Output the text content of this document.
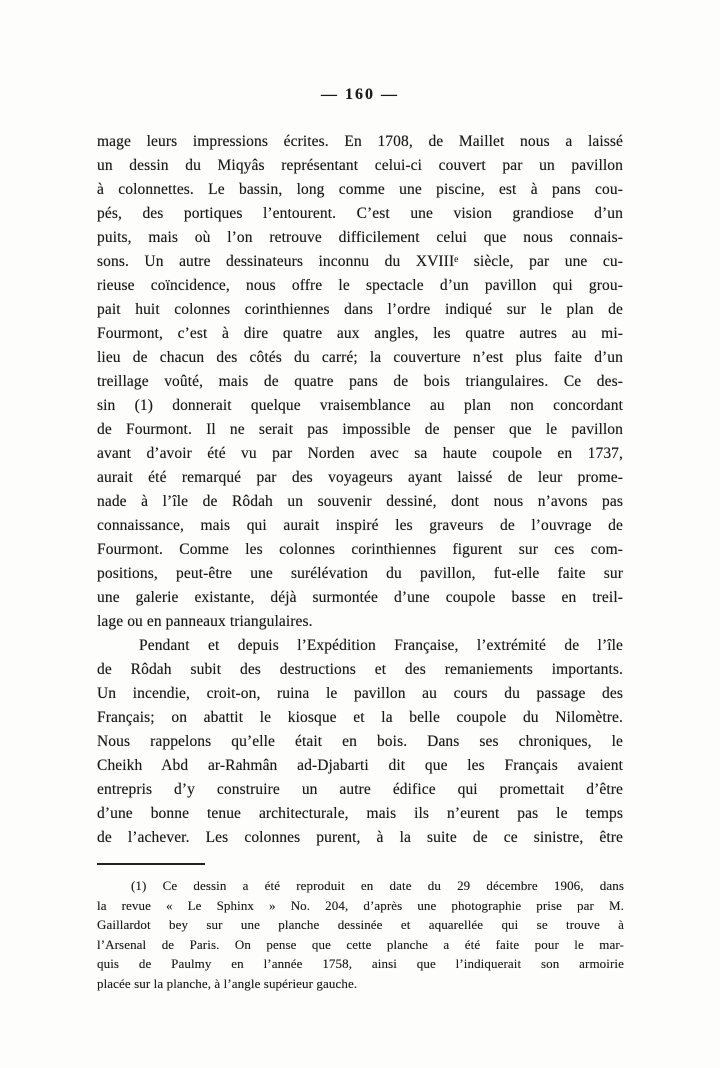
— 160 —
mage leurs impressions écrites. En 1708, de Maillet nous a laissé
un dessin du Miqyâs représentant celui-ci couvert par un pavillon
à colonnettes. Le bassin, long comme une piscine, est à pans cou-
pés, des portiques l’entourent. C’est une vision grandiose d’un
puits, mais où l’on retrouve difficilement celui que nous connais-
sons. Un autre dessinateurs inconnu du XVIIIᵉ siècle, par une cu-
rieuse coïncidence, nous offre le spectacle d’un pavillon qui grou-
pait huit colonnes corinthiennes dans l’ordre indiqué sur le plan de
Fourmont, c’est à dire quatre aux angles, les quatre autres au mi-
lieu de chacun des côtés du carré; la couverture n’est plus faite d’un
treillage voûté, mais de quatre pans de bois triangulaires. Ce des-
sin (1) donnerait quelque vraisemblance au plan non concordant
de Fourmont. Il ne serait pas impossible de penser que le pavillon
avant d’avoir été vu par Norden avec sa haute coupole en 1737,
aurait été remarqué par des voyageurs ayant laissé de leur prome-
nade à l’île de Rôdah un souvenir dessiné, dont nous n’avons pas
connaissance, mais qui aurait inspiré les graveurs de l’ouvrage de
Fourmont. Comme les colonnes corinthiennes figurent sur ces com-
positions, peut-être une surélévation du pavillon, fut-elle faite sur
une galerie existante, déjà surmontée d’une coupole basse en treil-
lage ou en panneaux triangulaires.
Pendant et depuis l’Expédition Française, l’extrémité de l’île
de Rôdah subit des destructions et des remaniements importants.
Un incendie, croit-on, ruina le pavillon au cours du passage des
Français; on abattit le kiosque et la belle coupole du Nilomètre.
Nous rappelons qu’elle était en bois. Dans ses chroniques, le
Cheikh Abd ar-Rahmân ad-Djabarti dit que les Français avaient
entrepris d’y construire un autre édifice qui promettait d’être
d’une bonne tenue architecturale, mais ils n’eurent pas le temps
de l’achever. Les colonnes purent, à la suite de ce sinistre, être
(1) Ce dessin a été reproduit en date du 29 décembre 1906, dans
la revue « Le Sphinx » No. 204, d’après une photographie prise par M.
Gaillardot bey sur une planche dessinée et aquarellée qui se trouve à
l’Arsenal de Paris. On pense que cette planche a été faite pour le mar-
quis de Paulmy en l’année 1758, ainsi que l’indiquerait son armoirie
placée sur la planche, à l’angle supérieur gauche.
